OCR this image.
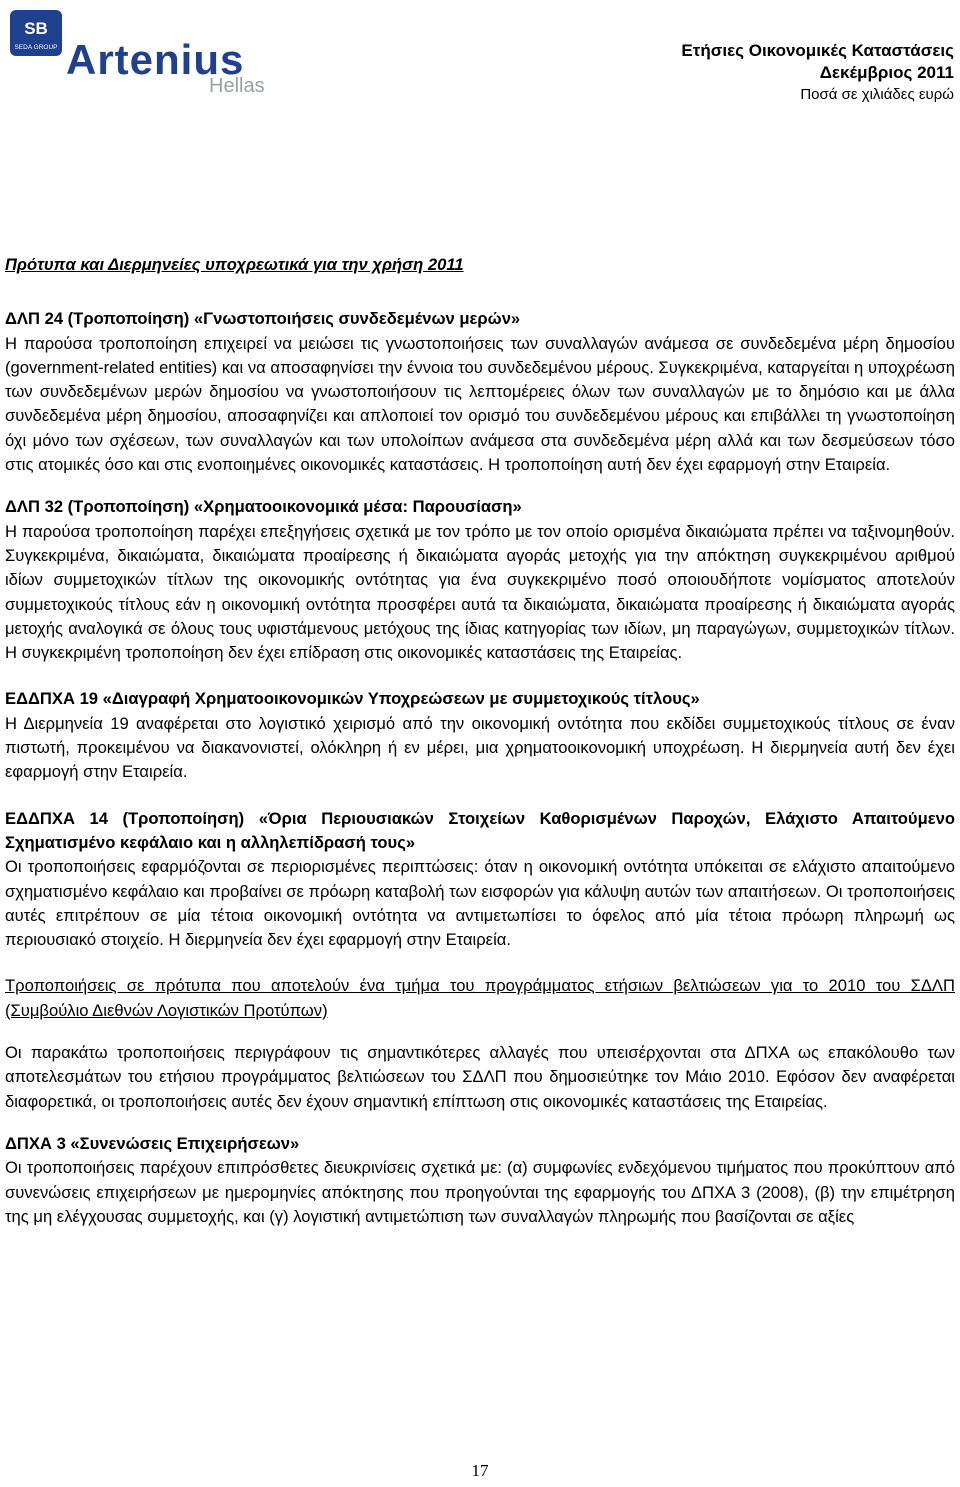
SB
SEDA GROUP Artenius
Hellas
Ετήσιες Οικονομικές Καταστάσεις
Δεκέμβριος 2011
Ποσά σε χιλιάδες ευρώ

Πρότυπα και Διερμηνείες υποχρεωτικά για την χρήση 2011

ΔΛΠ 24 (Τροποποίηση) «Γνωστοποιήσεις συνδεδεμένων μερών»

Η παρούσα τροποποίηση επιχειρεί να μειώσει τις γνωστοποιήσεις των συναλλαγών ανάμεσα σε συνδεδεμένα μέρη δημοσίου (government-related entities) και να αποσαφηνίσει την έννοια του συνδεδεμένου μέρους. Συγκεκριμένα, καταργείται η υποχρέωση των συνδεδεμένων μερών δημοσίου να γνωστοποιήσουν τις λεπτομέρειες όλων των συναλλαγών με το δημόσιο και με άλλα συνδεδεμένα μέρη δημοσίου, αποσαφηνίζει και απλοποιεί τον ορισμό του συνδεδεμένου μέρους και επιβάλλει τη γνωστοποίηση όχι μόνο των σχέσεων, των συναλλαγών και των υπολοίπων ανάμεσα στα συνδεδεμένα μέρη αλλά και των δεσμεύσεων τόσο στις ατομικές όσο και στις ενοποιημένες οικονομικές καταστάσεις. Η τροποποίηση αυτή δεν έχει εφαρμογή στην Εταιρεία.

ΔΛΠ 32 (Τροποποίηση) «Χρηματοοικονομικά μέσα: Παρουσίαση»

Η παρούσα τροποποίηση παρέχει επεξηγήσεις σχετικά με τον τρόπο με τον οποίο ορισμένα δικαιώματα πρέπει να ταξινομηθούν. Συγκεκριμένα, δικαιώματα, δικαιώματα προαίρεσης ή δικαιώματα αγοράς μετοχής για την απόκτηση συγκεκριμένου αριθμού ιδίων συμμετοχικών τίτλων της οικονομικής οντότητας για ένα συγκεκριμένο ποσό οποιουδήποτε νομίσματος αποτελούν συμμετοχικούς τίτλους εάν η οικονομική οντότητα προσφέρει αυτά τα δικαιώματα, δικαιώματα προαίρεσης ή δικαιώματα αγοράς μετοχής αναλογικά σε όλους τους υφιστάμενους μετόχους της ίδιας κατηγορίας των ιδίων, μη παραγώγων, συμμετοχικών τίτλων. Η συγκεκριμένη τροποποίηση δεν έχει επίδραση στις οικονομικές καταστάσεις της Εταιρείας.

ΕΔΔΠΧΑ 19 «Διαγραφή Χρηματοοικονομικών Υποχρεώσεων με συμμετοχικούς τίτλους»

Η Διερμηνεία 19 αναφέρεται στο λογιστικό χειρισμό από την οικονομική οντότητα που εκδίδει συμμετοχικούς τίτλους σε έναν πιστωτή, προκειμένου να διακανονιστεί, ολόκληρη ή εν μέρει, μια χρηματοοικονομική υποχρέωση. Η διερμηνεία αυτή δεν έχει εφαρμογή στην Εταιρεία.

ΕΔΔΠΧΑ 14 (Τροποποίηση) «Όρια Περιουσιακών Στοιχείων Καθορισμένων Παροχών, Ελάχιστο Απαιτούμενο Σχηματισμένο κεφάλαιο και η αλληλεπίδρασή τους»

Οι τροποποιήσεις εφαρμόζονται σε περιορισμένες περιπτώσεις: όταν η οικονομική οντότητα υπόκειται σε ελάχιστο απαιτούμενο σχηματισμένο κεφάλαιο και προβαίνει σε πρόωρη καταβολή των εισφορών για κάλυψη αυτών των απαιτήσεων. Οι τροποποιήσεις αυτές επιτρέπουν σε μία τέτοια οικονομική οντότητα να αντιμετωπίσει το όφελος από μία τέτοια πρόωρη πληρωμή ως περιουσιακό στοιχείο. Η διερμηνεία δεν έχει εφαρμογή στην Εταιρεία.

Τροποποιήσεις σε πρότυπα που αποτελούν ένα τμήμα του προγράμματος ετήσιων βελτιώσεων για το 2010 του ΣΔΛΠ (Συμβούλιο Διεθνών Λογιστικών Προτύπων)

Οι παρακάτω τροποποιήσεις περιγράφουν τις σημαντικότερες αλλαγές που υπεισέρχονται στα ΔΠΧΑ ως επακόλουθο των αποτελεσμάτων του ετήσιου προγράμματος βελτιώσεων του ΣΔΛΠ που δημοσιεύτηκε τον Μάιο 2010. Εφόσον δεν αναφέρεται διαφορετικά, οι τροποποιήσεις αυτές δεν έχουν σημαντική επίπτωση στις οικονομικές καταστάσεις της Εταιρείας.

ΔΠΧΑ 3 «Συνενώσεις Επιχειρήσεων»

Οι τροποποιήσεις παρέχουν επιπρόσθετες διευκρινίσεις σχετικά με: (α) συμφωνίες ενδεχόμενου τιμήματος που προκύπτουν από συνενώσεις επιχειρήσεων με ημερομηνίες απόκτησης που προηγούνται της εφαρμογής του ΔΠΧΑ 3 (2008), (β) την επιμέτρηση της μη ελέγχουσας συμμετοχής, και (γ) λογιστική αντιμετώπιση των συναλλαγών πληρωμής που βασίζονται σε αξίες

17
